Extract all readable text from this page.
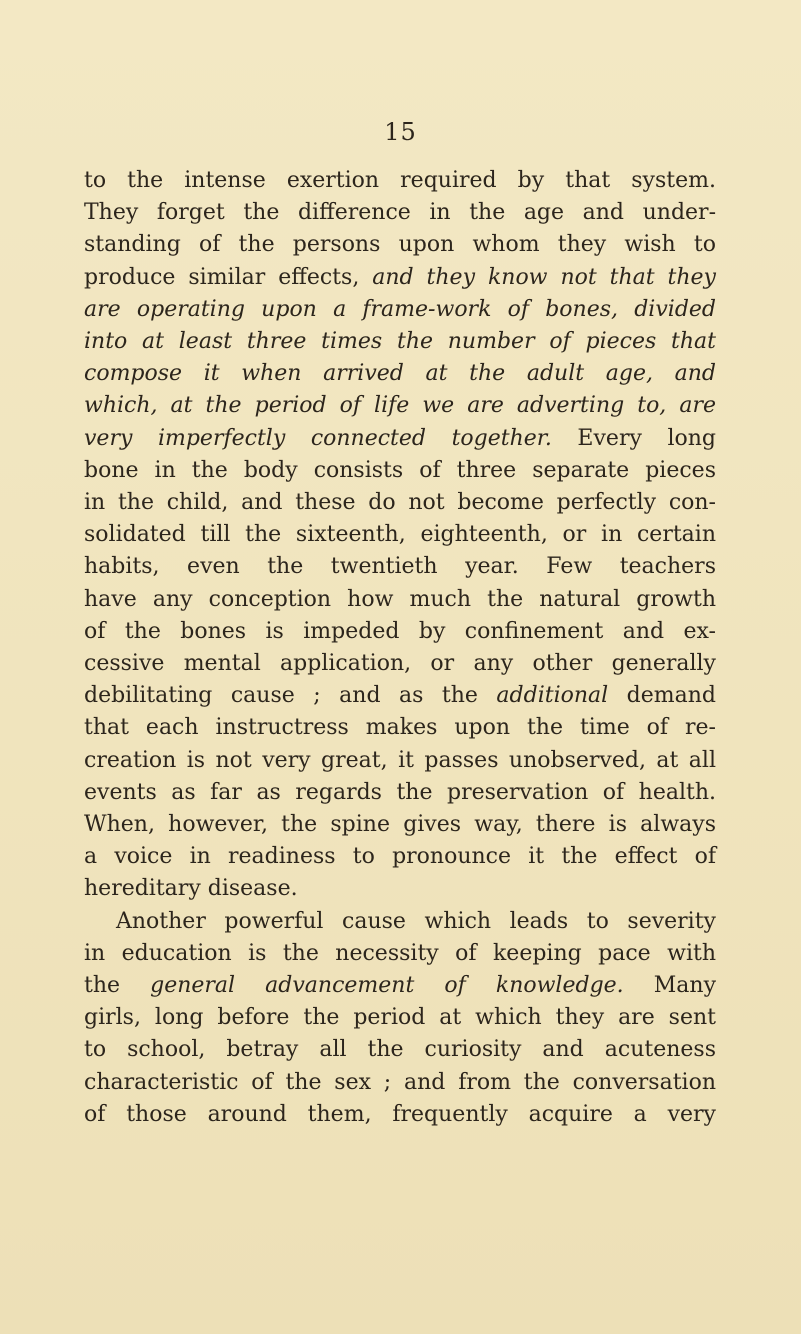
15
to the intense exertion required by that system.
They forget the difference in the age and under-
standing of the persons upon whom they wish to
produce similar effects, and they know not that they
are operating upon a frame-work of bones, divided
into at least three times the number of pieces that
compose it when arrived at the adult age, and
which, at the period of life we are adverting to, are
very imperfectly connected together. Every long
bone in the body consists of three separate pieces
in the child, and these do not become perfectly con-
solidated till the sixteenth, eighteenth, or in certain
habits, even the twentieth year. Few teachers
have any conception how much the natural growth
of the bones is impeded by confinement and ex-
cessive mental application, or any other generally
debilitating cause ; and as the additional demand
that each instructress makes upon the time of re-
creation is not very great, it passes unobserved, at all
events as far as regards the preservation of health.
When, however, the spine gives way, there is always
a voice in readiness to pronounce it the effect of
hereditary disease.
Another powerful cause which leads to severity
in education is the necessity of keeping pace with
the general advancement of knowledge. Many
girls, long before the period at which they are sent
to school, betray all the curiosity and acuteness
characteristic of the sex ; and from the conversation
of those around them, frequently acquire a very
